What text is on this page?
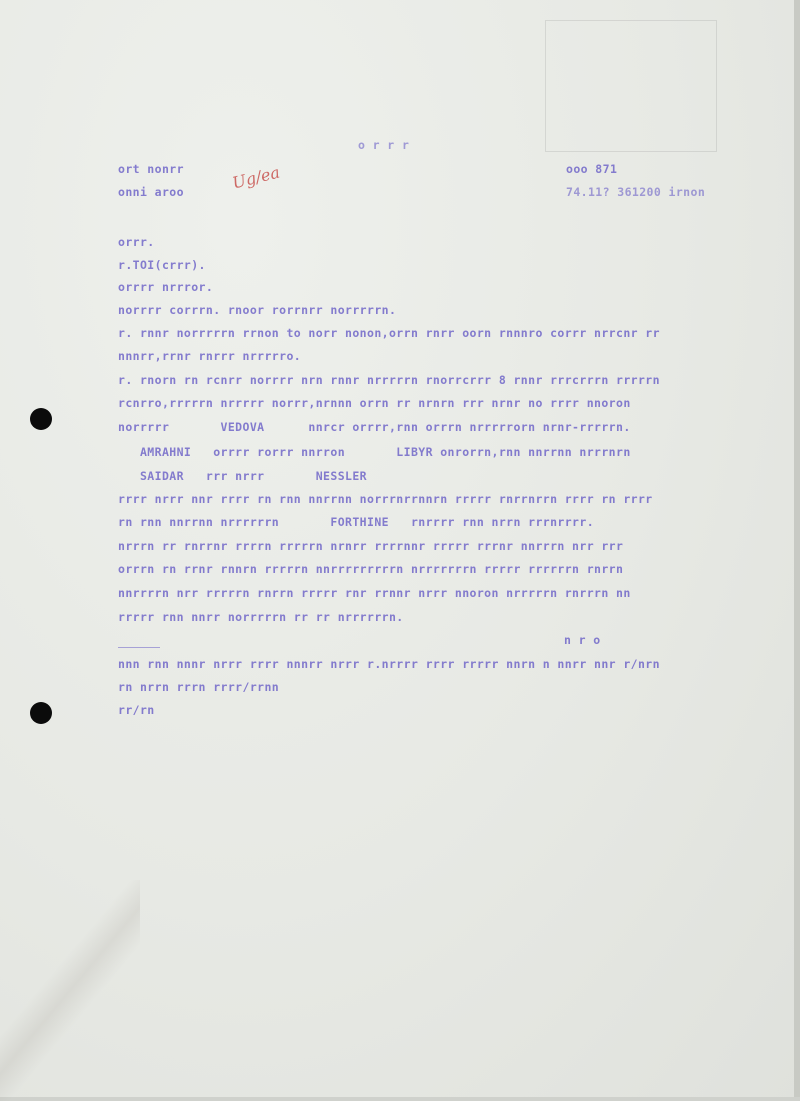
o r r r
ort nonrr
onni aroo	Ug/ea	ooo 871
74.11? 361200 irnon
orrr.
r.TOI(crrr).
orrrr nrrror.
norrrr corrrn. rnoor rorrnrr norrrrrn.
r. rnnr norrrrrn rrnon to norr nonon,orrn rnrr oorn rnnnro corrr nrrcnr rr
nnnrr,rrnr rnrrr nrrrrro.
r. rnorn rn rcnrr norrrr nrn rnnr nrrrrrn rnorrcrrr 8 rnnr rrrcrrrn rrrrrn
rcnrro,rrrrrn nrrrrr norrr,nrnnn orrn rr nrnrn rrr nrnr no rrrr nnoron
norrrrr       VEDOVA      nnrcr orrrr,rnn orrrn nrrrrrorn nrnr-rrrrrn.
AMRAHNI   orrrr rorrr nnrron       LIBYR onrorrn,rnn nnrrnn nrrrnrn
SAIDAR   rrr nrrr       NESSLER
rrrr nrrr nnr rrrr rn rnn nnrrnn norrrnrrnnrn rrrrr rnrrnrrn rrrr rn rrrr
rn rnn nnrrnn nrrrrrrn       FORTHINE   rnrrrr rnn nrrn rrrnrrrr.
nrrrn rr rnrrnr rrrrn rrrrrn nrnrr rrrrnnr rrrrr rrrnr nnrrrn nrr rrr
orrrn rn rrnr rnnrn rrrrrn nnrrrrrrrrrn nrrrrrrrn rrrrr rrrrrrn rnrrn
nnrrrrn nrr rrrrrn rnrrn rrrrr rnr rrnnr nrrr nnoron nrrrrrn rnrrrn nn
rrrrr rnn nnrr norrrrrn rr rr nrrrrrrn.
n r o
nnn rnn nnnr nrrr rrrr nnnrr nrrr r.nrrrr rrrr rrrrr nnrn n nnrr nnr r/nrn
rn nrrn rrrn rrrr/rrnn
rr/rn
